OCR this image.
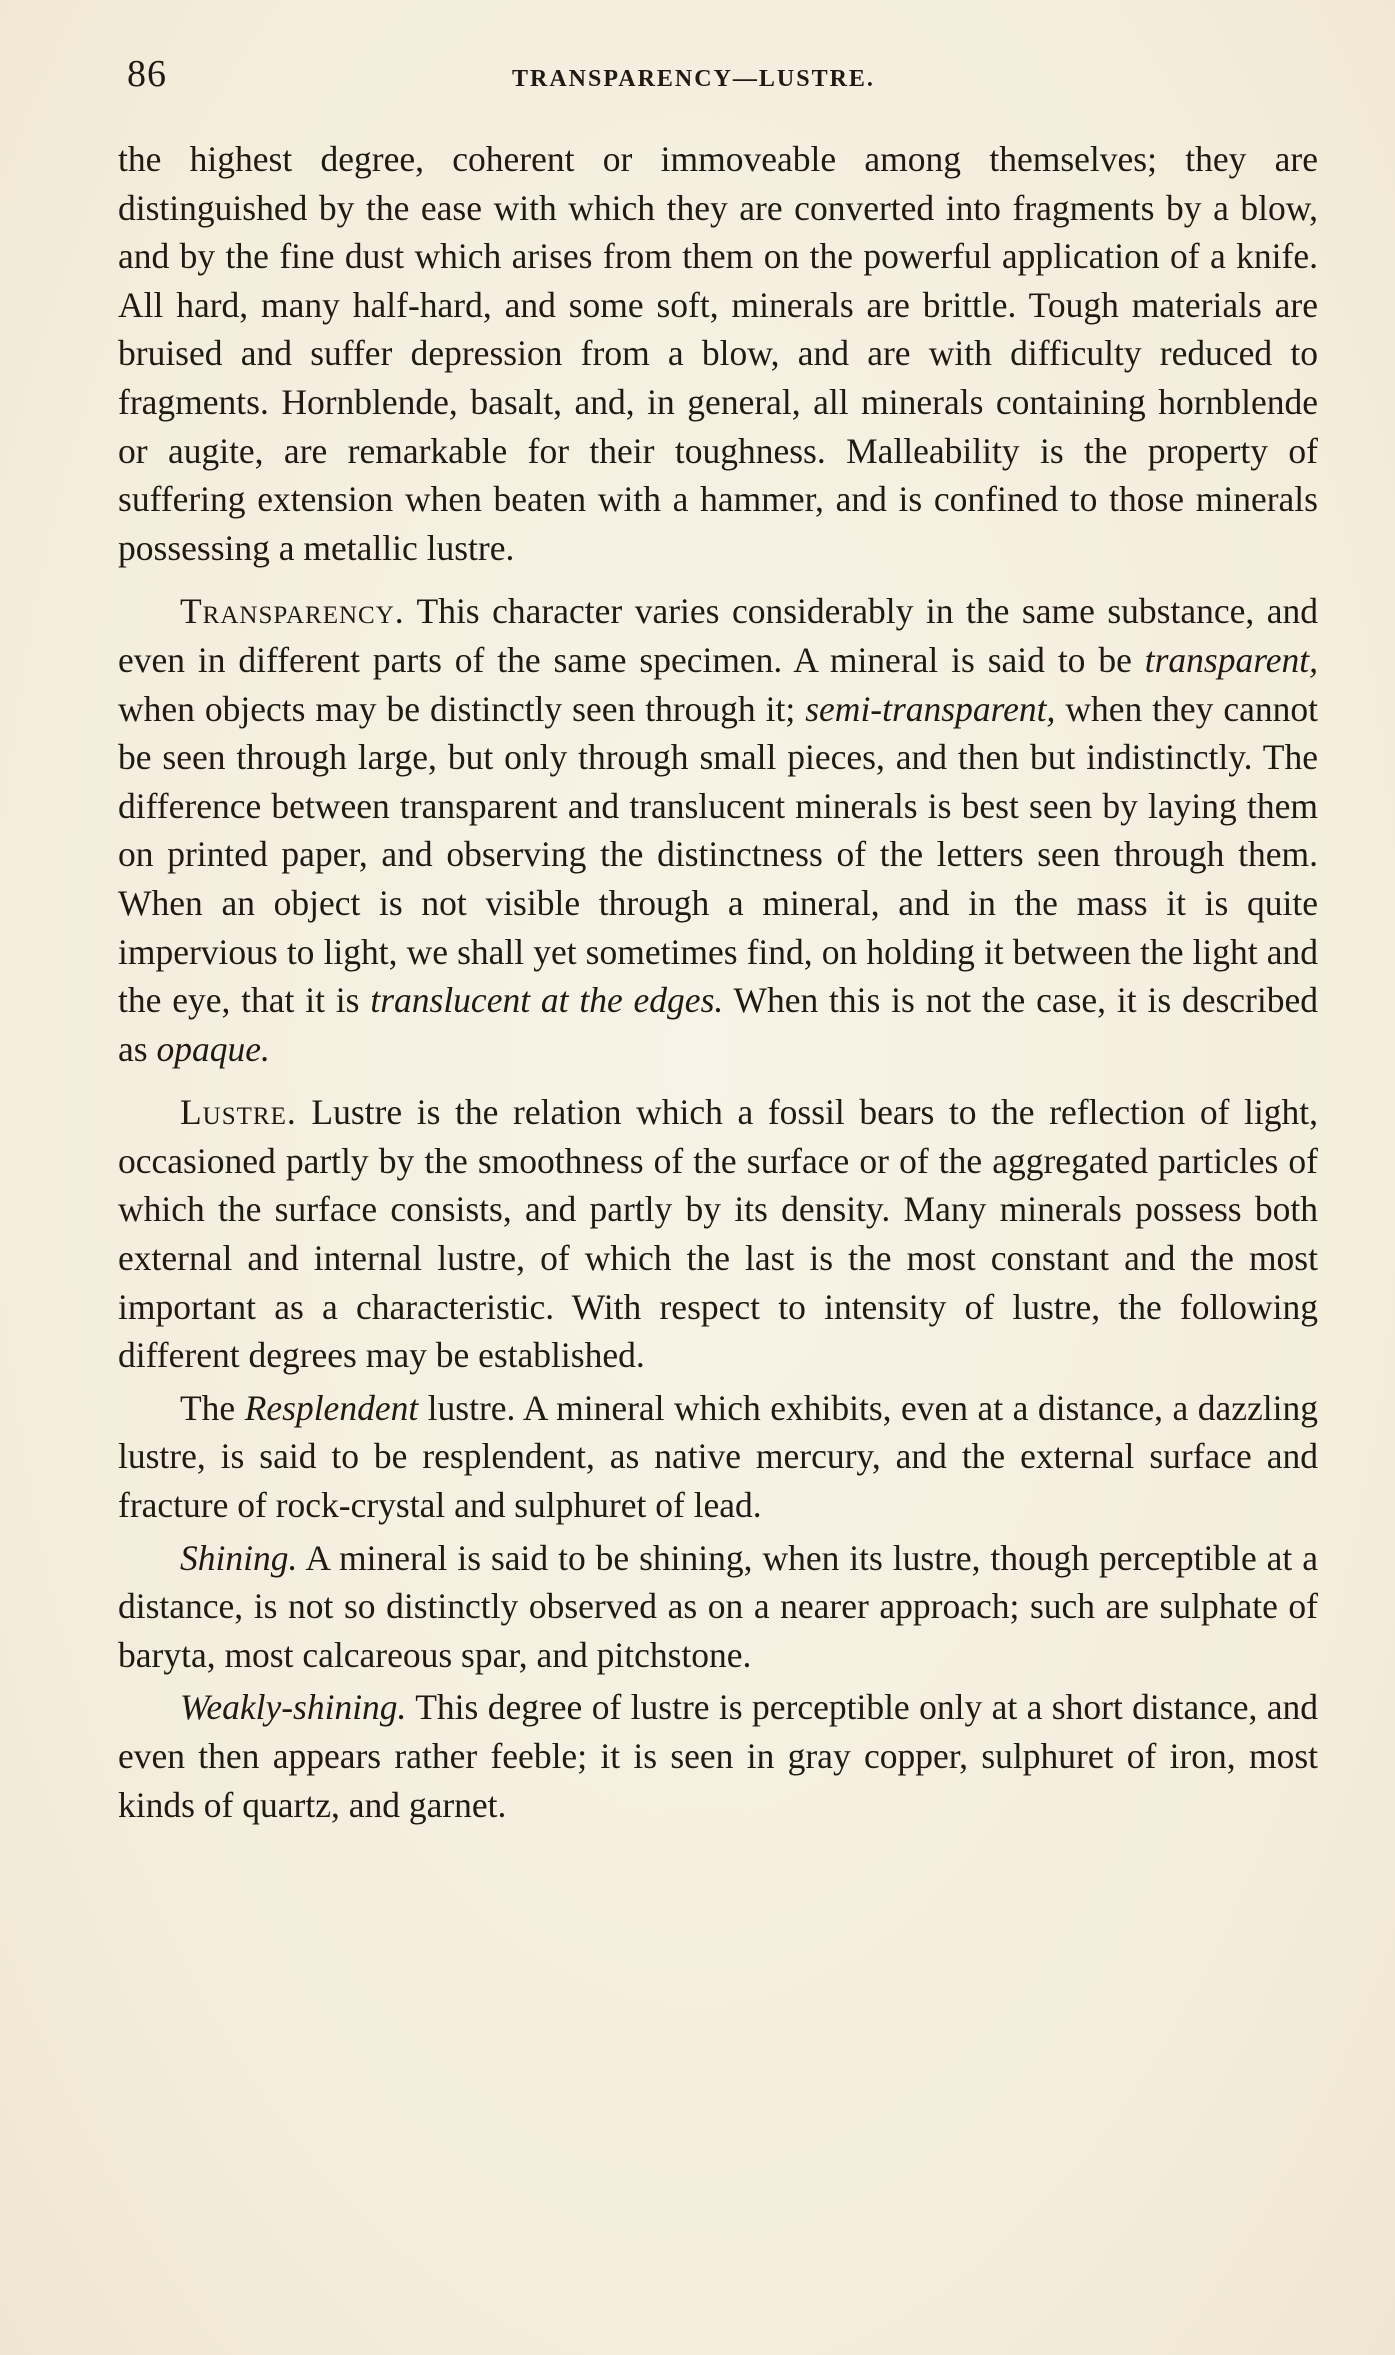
86	TRANSPARENCY—LUSTRE.

the highest degree, coherent or immoveable among themselves; they are distinguished by the ease with which they are converted into fragments by a blow, and by the fine dust which arises from them on the powerful application of a knife. All hard, many half-hard, and some soft, minerals are brittle. Tough materials are bruised and suffer depression from a blow, and are with difficulty reduced to fragments. Hornblende, basalt, and, in general, all minerals containing hornblende or augite, are remarkable for their toughness. Malleability is the property of suffering extension when beaten with a hammer, and is confined to those minerals possessing a metallic lustre.

Transparency. This character varies considerably in the same substance, and even in different parts of the same specimen. A mineral is said to be transparent, when objects may be distinctly seen through it; semi-transparent, when they cannot be seen through large, but only through small pieces, and then but indistinctly. The difference between transparent and translucent minerals is best seen by laying them on printed paper, and observing the distinctness of the letters seen through them. When an object is not visible through a mineral, and in the mass it is quite impervious to light, we shall yet sometimes find, on holding it between the light and the eye, that it is translucent at the edges. When this is not the case, it is described as opaque.

Lustre. Lustre is the relation which a fossil bears to the reflection of light, occasioned partly by the smoothness of the surface or of the aggregated particles of which the surface consists, and partly by its density. Many minerals possess both external and internal lustre, of which the last is the most constant and the most important as a characteristic. With respect to intensity of lustre, the following different degrees may be established.

The Resplendent lustre. A mineral which exhibits, even at a distance, a dazzling lustre, is said to be resplendent, as native mercury, and the external surface and fracture of rock-crystal and sulphuret of lead.

Shining. A mineral is said to be shining, when its lustre, though perceptible at a distance, is not so distinctly observed as on a nearer approach; such are sulphate of baryta, most calcareous spar, and pitchstone.

Weakly-shining. This degree of lustre is perceptible only at a short distance, and even then appears rather feeble; it is seen in gray copper, sulphuret of iron, most kinds of quartz, and garnet.
